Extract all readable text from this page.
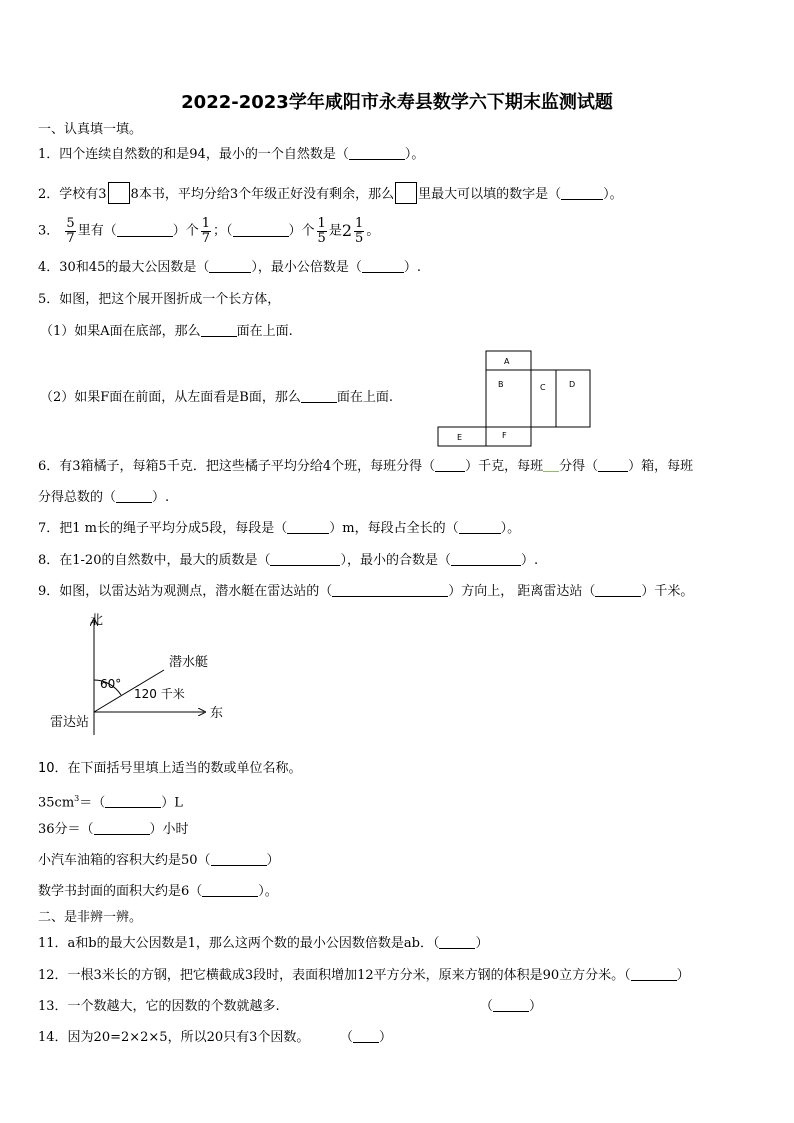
2022-2023学年咸阳市永寿县数学六下期末监测试题
一、认真填一填。
1．四个连续自然数的和是94，最小的一个自然数是（	）。
2．学校有3 8本书，平均分给3个年级正好没有剩余，那么 里最大可以填的数字是（	）。
3． $\frac{5}{7}$ 里有（	）个 $\frac{1}{7}$ ；（	）个 $\frac{1}{5}$ 是$2 \frac{1}{5}$ 。
4．30和45的最大公因数是（	），最小公倍数是（	）.
5．如图，把这个展开图折成一个长方体，
（1）如果A面在底部，那么	面在上面.
（2）如果F面在前面，从左面看是B面，那么	面在上面.
A
B	C	D
E	F
6．有3箱橘子，每箱5千克．把这些橘子平均分给4个班，每班分得（ ）千克，每班 分得（ ）箱，每班
分得总数的（	）.
7．把1 m长的绳子平均分成5段，每段是（	）m，每段占全长的（	）。
8．在1-20的自然数中，最大的质数是（	），最小的合数是（	）.
9．如图，以雷达站为观测点，潜水艇在雷达站的（	）方向上， 距离雷达站（	）千米。
北
东
雷达站
潜水艇
60°
120 千米
10．在下面括号里填上适当的数或单位名称。
$35cm^3=$（	）L
36分＝（	）小时
小汽车油箱的容积大约是50（	）
数学书封面的面积大约是6（	）。
二、是非辨一辨。
11．a和b的最大公因数是1，那么这两个数的最小公因数倍数是ab．（	）
12．一根3米长的方钢，把它横截成3段时，表面积增加12平方分米，原来方钢的体积是90立方分米。（	）
13．一个数越大，它的因数的个数就越多.	（	）
14．因为20=2×2×5，所以20只有3个因数。 （ ）
